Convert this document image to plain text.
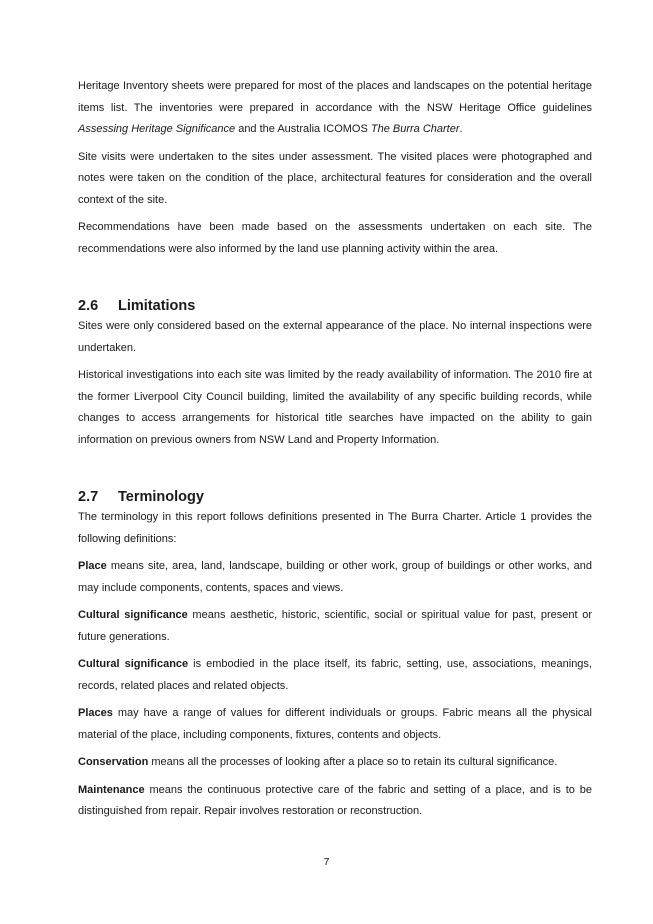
Heritage Inventory sheets were prepared for most of the places and landscapes on the potential heritage items list. The inventories were prepared in accordance with the NSW Heritage Office guidelines Assessing Heritage Significance and the Australia ICOMOS The Burra Charter.

Site visits were undertaken to the sites under assessment. The visited places were photographed and notes were taken on the condition of the place, architectural features for consideration and the overall context of the site.

Recommendations have been made based on the assessments undertaken on each site. The recommendations were also informed by the land use planning activity within the area.

2.6 Limitations

Sites were only considered based on the external appearance of the place. No internal inspections were undertaken.

Historical investigations into each site was limited by the ready availability of information. The 2010 fire at the former Liverpool City Council building, limited the availability of any specific building records, while changes to access arrangements for historical title searches have impacted on the ability to gain information on previous owners from NSW Land and Property Information.

2.7 Terminology

The terminology in this report follows definitions presented in The Burra Charter. Article 1 provides the following definitions:

Place means site, area, land, landscape, building or other work, group of buildings or other works, and may include components, contents, spaces and views.

Cultural significance means aesthetic, historic, scientific, social or spiritual value for past, present or future generations.

Cultural significance is embodied in the place itself, its fabric, setting, use, associations, meanings, records, related places and related objects.

Places may have a range of values for different individuals or groups. Fabric means all the physical material of the place, including components, fixtures, contents and objects.

Conservation means all the processes of looking after a place so to retain its cultural significance.

Maintenance means the continuous protective care of the fabric and setting of a place, and is to be distinguished from repair. Repair involves restoration or reconstruction.

7
